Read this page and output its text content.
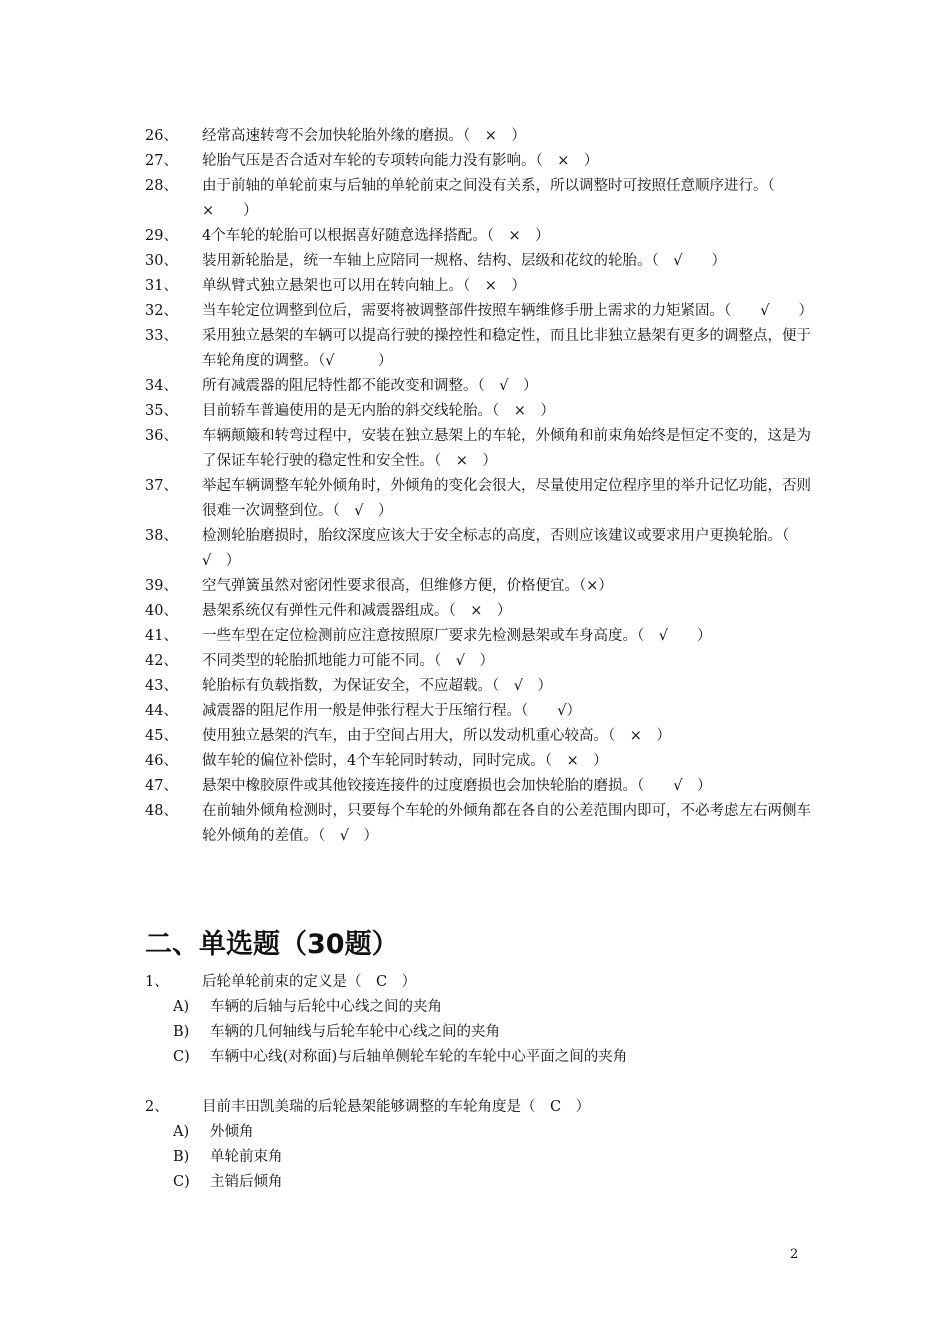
26、	经常高速转弯不会加快轮胎外缘的磨损。（　×　）
27、	轮胎气压是否合适对车轮的专项转向能力没有影响。（　×　）
28、	由于前轴的单轮前束与后轴的单轮前束之间没有关系，所以调整时可按照任意顺序进行。（　×　　）
29、	4个车轮的轮胎可以根据喜好随意选择搭配。（　×　）
30、	装用新轮胎是，统一车轴上应陪同一规格、结构、层级和花纹的轮胎。（　√　　）
31、	单纵臂式独立悬架也可以用在转向轴上。（　×　）
32、	当车轮定位调整到位后，需要将被调整部件按照车辆维修手册上需求的力矩紧固。（　　√　　）
33、	采用独立悬架的车辆可以提高行驶的操控性和稳定性，而且比非独立悬架有更多的调整点，便于车轮角度的调整。（√　　　）
34、	所有减震器的阻尼特性都不能改变和调整。（　√　）
35、	目前轿车普遍使用的是无内胎的斜交线轮胎。（　×　）
36、	车辆颠簸和转弯过程中，安装在独立悬架上的车轮，外倾角和前束角始终是恒定不变的，这是为了保证车轮行驶的稳定性和安全性。（　×　）
37、	举起车辆调整车轮外倾角时，外倾角的变化会很大，尽量使用定位程序里的举升记忆功能，否则很难一次调整到位。（　√　）
38、	检测轮胎磨损时，胎纹深度应该大于安全标志的高度，否则应该建议或要求用户更换轮胎。（　√　）
39、	空气弹簧虽然对密闭性要求很高，但维修方便，价格便宜。（×）
40、	悬架系统仅有弹性元件和减震器组成。（　×　）
41、	一些车型在定位检测前应注意按照原厂要求先检测悬架或车身高度。（　√　　）
42、	不同类型的轮胎抓地能力可能不同。（　√　）
43、	轮胎标有负载指数，为保证安全，不应超载。（　√　）
44、	减震器的阻尼作用一般是伸张行程大于压缩行程。（　　√）
45、	使用独立悬架的汽车，由于空间占用大，所以发动机重心较高。（　×　）
46、	做车轮的偏位补偿时，4个车轮同时转动，同时完成。（　×　）
47、	悬架中橡胶原件或其他铰接连接件的过度磨损也会加快轮胎的磨损。（　　√　）
48、	在前轴外倾角检测时，只要每个车轮的外倾角都在各自的公差范围内即可，不必考虑左右两侧车轮外倾角的差值。（　√　）
二、单选题（30题）
1、	后轮单轮前束的定义是（　C　）
A)	车辆的后轴与后轮中心线之间的夹角
B)	车辆的几何轴线与后轮车轮中心线之间的夹角
C)	车辆中心线(对称面)与后轴单侧轮车轮的车轮中心平面之间的夹角
2、	目前丰田凯美瑞的后轮悬架能够调整的车轮角度是（　C　）
A)	外倾角
B)	单轮前束角
C)	主销后倾角
2
